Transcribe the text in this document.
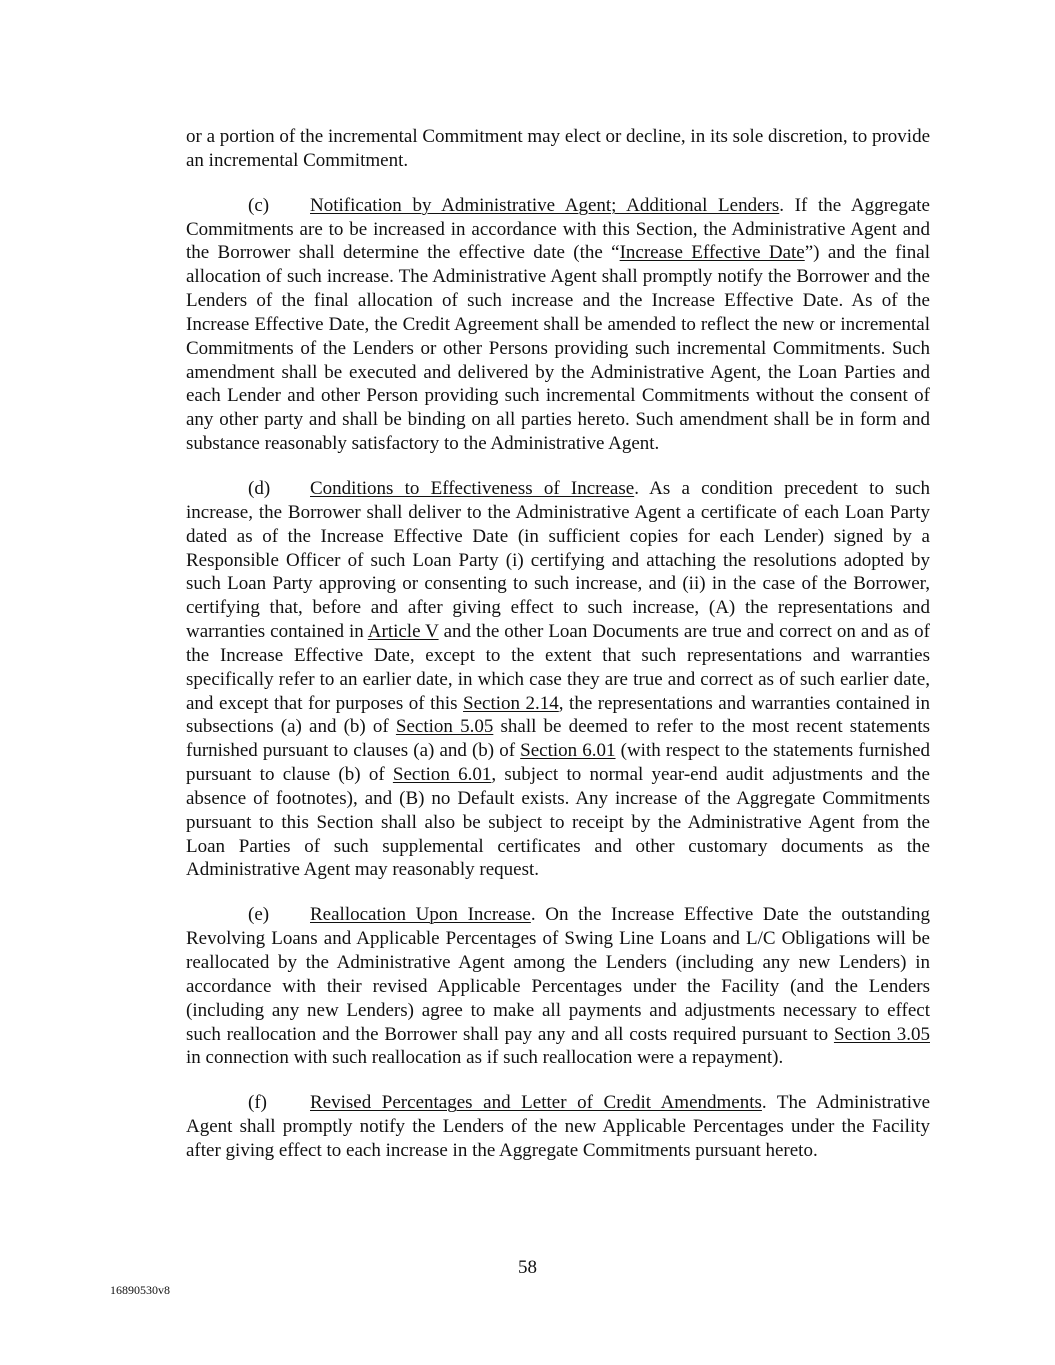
or a portion of the incremental Commitment may elect or decline, in its sole discretion, to provide an incremental Commitment.

(c) Notification by Administrative Agent; Additional Lenders. If the Aggregate Commitments are to be increased in accordance with this Section, the Administrative Agent and the Borrower shall determine the effective date (the “Increase Effective Date”) and the final allocation of such increase. The Administrative Agent shall promptly notify the Borrower and the Lenders of the final allocation of such increase and the Increase Effective Date. As of the Increase Effective Date, the Credit Agreement shall be amended to reflect the new or incremental Commitments of the Lenders or other Persons providing such incremental Commitments. Such amendment shall be executed and delivered by the Administrative Agent, the Loan Parties and each Lender and other Person providing such incremental Commitments without the consent of any other party and shall be binding on all parties hereto. Such amendment shall be in form and substance reasonably satisfactory to the Administrative Agent.

(d) Conditions to Effectiveness of Increase. As a condition precedent to such increase, the Borrower shall deliver to the Administrative Agent a certificate of each Loan Party dated as of the Increase Effective Date (in sufficient copies for each Lender) signed by a Responsible Officer of such Loan Party (i) certifying and attaching the resolutions adopted by such Loan Party approving or consenting to such increase, and (ii) in the case of the Borrower, certifying that, before and after giving effect to such increase, (A) the representations and warranties contained in Article V and the other Loan Documents are true and correct on and as of the Increase Effective Date, except to the extent that such representations and warranties specifically refer to an earlier date, in which case they are true and correct as of such earlier date, and except that for purposes of this Section 2.14, the representations and warranties contained in subsections (a) and (b) of Section 5.05 shall be deemed to refer to the most recent statements furnished pursuant to clauses (a) and (b) of Section 6.01 (with respect to the statements furnished pursuant to clause (b) of Section 6.01, subject to normal year-end audit adjustments and the absence of footnotes), and (B) no Default exists. Any increase of the Aggregate Commitments pursuant to this Section shall also be subject to receipt by the Administrative Agent from the Loan Parties of such supplemental certificates and other customary documents as the Administrative Agent may reasonably request.

(e) Reallocation Upon Increase. On the Increase Effective Date the outstanding Revolving Loans and Applicable Percentages of Swing Line Loans and L/C Obligations will be reallocated by the Administrative Agent among the Lenders (including any new Lenders) in accordance with their revised Applicable Percentages under the Facility (and the Lenders (including any new Lenders) agree to make all payments and adjustments necessary to effect such reallocation and the Borrower shall pay any and all costs required pursuant to Section 3.05 in connection with such reallocation as if such reallocation were a repayment).

(f) Revised Percentages and Letter of Credit Amendments. The Administrative Agent shall promptly notify the Lenders of the new Applicable Percentages under the Facility after giving effect to each increase in the Aggregate Commitments pursuant hereto.

58
16890530v8
